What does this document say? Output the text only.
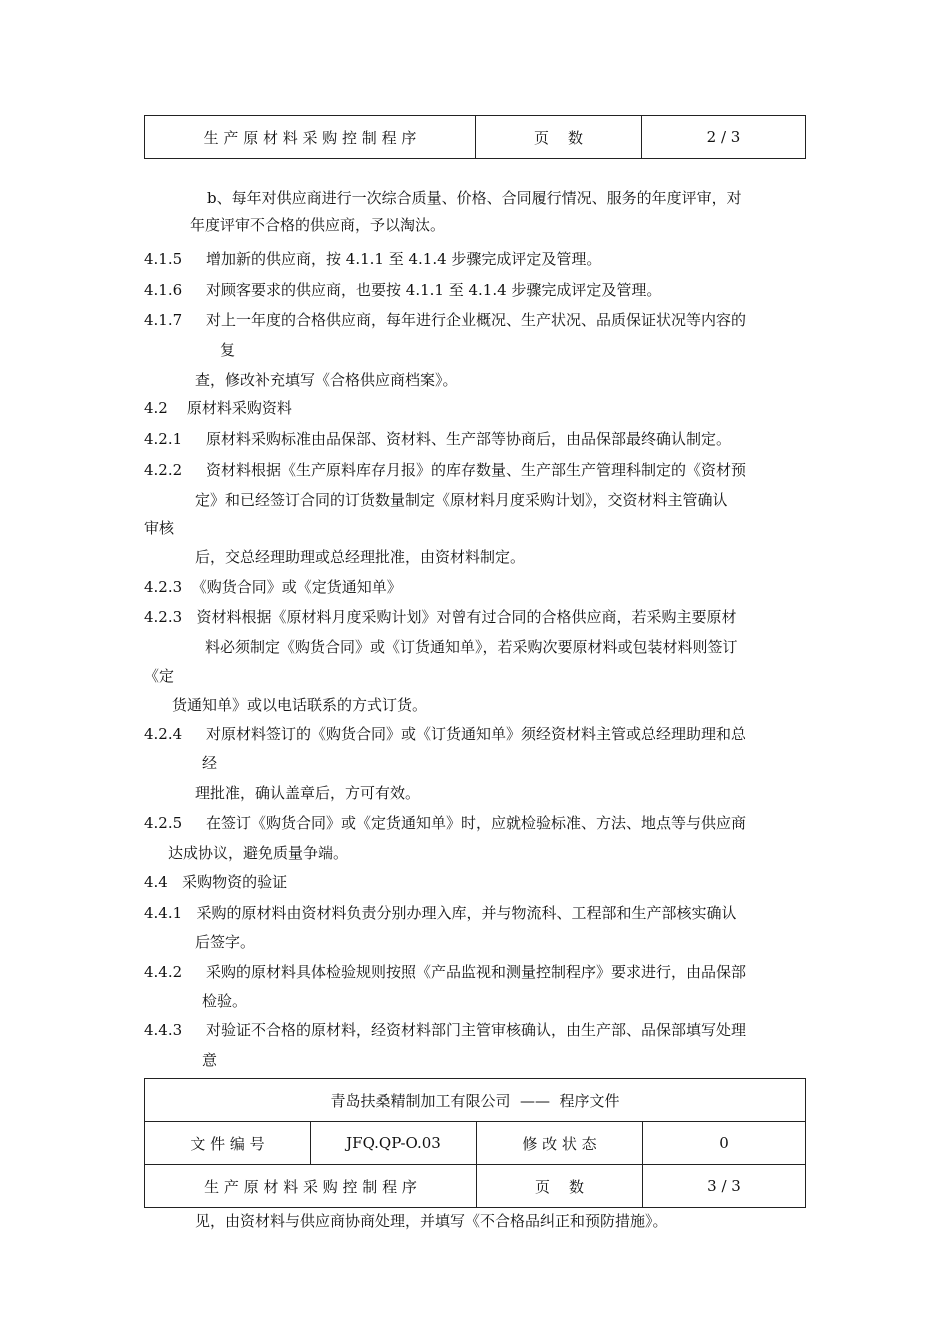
生 产 原 材 料 采 购 控 制 程 序	页    数	2 / 3
b、每年对供应商进行一次综合质量、价格、合同履行情况、服务的年度评审，对
年度评审不合格的供应商，予以淘汰。
4.1.5     增加新的供应商，按 4.1.1 至 4.1.4 步骤完成评定及管理。
4.1.6     对顾客要求的供应商，也要按 4.1.1 至 4.1.4 步骤完成评定及管理。
4.1.7     对上一年度的合格供应商，每年进行企业概况、生产状况、品质保证状况等内容的
复
查，修改补充填写《合格供应商档案》。
4.2    原材料采购资料
4.2.1     原材料采购标准由品保部、资材料、生产部等协商后，由品保部最终确认制定。
4.2.2     资材料根据《生产原料库存月报》的库存数量、生产部生产管理科制定的《资材预
定》和已经签订合同的订货数量制定《原材料月度采购计划》，交资材料主管确认
审核
后，交总经理助理或总经理批准，由资材料制定。
4.2.3  《购货合同》或《定货通知单》
4.2.3   资材料根据《原材料月度采购计划》对曾有过合同的合格供应商，若采购主要原材
料必须制定《购货合同》或《订货通知单》，若采购次要原材料或包装材料则签订
《定
货通知单》或以电话联系的方式订货。
4.2.4     对原材料签订的《购货合同》或《订货通知单》须经资材料主管或总经理助理和总
经
理批准，确认盖章后，方可有效。
4.2.5     在签订《购货合同》或《定货通知单》时，应就检验标准、方法、地点等与供应商
达成协议，避免质量争端。
4.4   采购物资的验证
4.4.1   采购的原材料由资材料负责分别办理入库，并与物流科、工程部和生产部核实确认
后签字。
4.4.2     采购的原材料具体检验规则按照《产品监视和测量控制程序》要求进行，由品保部
检验。
4.4.3     对验证不合格的原材料，经资材料部门主管审核确认，由生产部、品保部填写处理
意
青岛扶桑精制加工有限公司  ——  程序文件			
文 件 编 号	JFQ.QP-O.03	修 改 状 态	0
生 产 原 材 料 采 购 控 制 程 序		页    数	3 / 3
见，由资材料与供应商协商处理，并填写《不合格品纠正和预防措施》。
